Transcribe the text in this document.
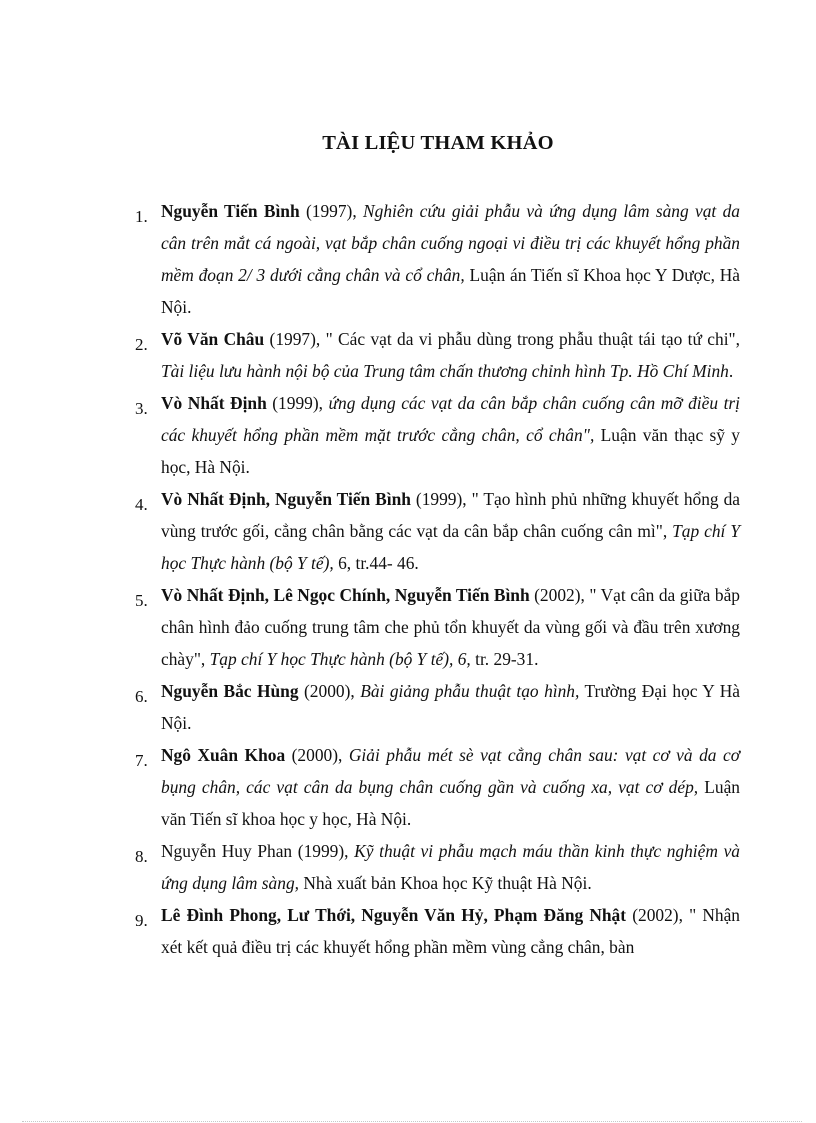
TÀI LIỆU THAM KHẢO
1. Nguyễn Tiến Bình (1997), Nghiên cứu giải phẫu và ứng dụng lâm sàng vạt da cân trên mắt cá ngoài, vạt bắp chân cuống ngoại vi điều trị các khuyết hổng phần mềm đoạn 2/ 3 dưới cẳng chân và cổ chân, Luận án Tiến sĩ Khoa học Y Dược, Hà Nội.
2. Võ Văn Châu (1997), " Các vạt da vi phẫu dùng trong phẫu thuật tái tạo tứ chi", Tài liệu lưu hành nội bộ của Trung tâm chấn thương chỉnh hình Tp. Hồ Chí Minh.
3. Vò Nhất Định (1999), ứng dụng các vạt da cân bắp chân cuống cân mỡ điều trị các khuyết hổng phần mềm mặt trước cẳng chân, cổ chân", Luận văn thạc sỹ y học, Hà Nội.
4. Vò Nhất Định, Nguyễn Tiến Bình (1999), " Tạo hình phủ những khuyết hổng da vùng trước gối, cẳng chân bằng các vạt da cân bắp chân cuống cân mì", Tạp chí Y học Thực hành (bộ Y tế), 6, tr.44- 46.
5. Vò Nhất Định, Lê Ngọc Chính, Nguyễn Tiến Bình (2002), " Vạt cân da giữa bắp chân hình đảo cuống trung tâm che phủ tổn khuyết da vùng gối và đầu trên xương chày", Tạp chí Y học Thực hành (bộ Y tế), 6, tr. 29-31.
6. Nguyễn Bắc Hùng (2000), Bài giảng phẫu thuật tạo hình, Trường Đại học Y Hà Nội.
7. Ngô Xuân Khoa (2000), Giải phẫu mét sè vạt cẳng chân sau: vạt cơ và da cơ bụng chân, các vạt cân da bụng chân cuống gần và cuống xa, vạt cơ dép, Luận văn Tiến sĩ khoa học y học, Hà Nội.
8. Nguyễn Huy Phan (1999), Kỹ thuật vi phẫu mạch máu thần kinh thực nghiệm và ứng dụng lâm sàng, Nhà xuất bản Khoa học Kỹ thuật Hà Nội.
9. Lê Đình Phong, Lư Thới, Nguyễn Văn Hỷ, Phạm Đăng Nhật (2002), " Nhận xét kết quả điều trị các khuyết hổng phần mềm vùng cẳng chân, bàn
